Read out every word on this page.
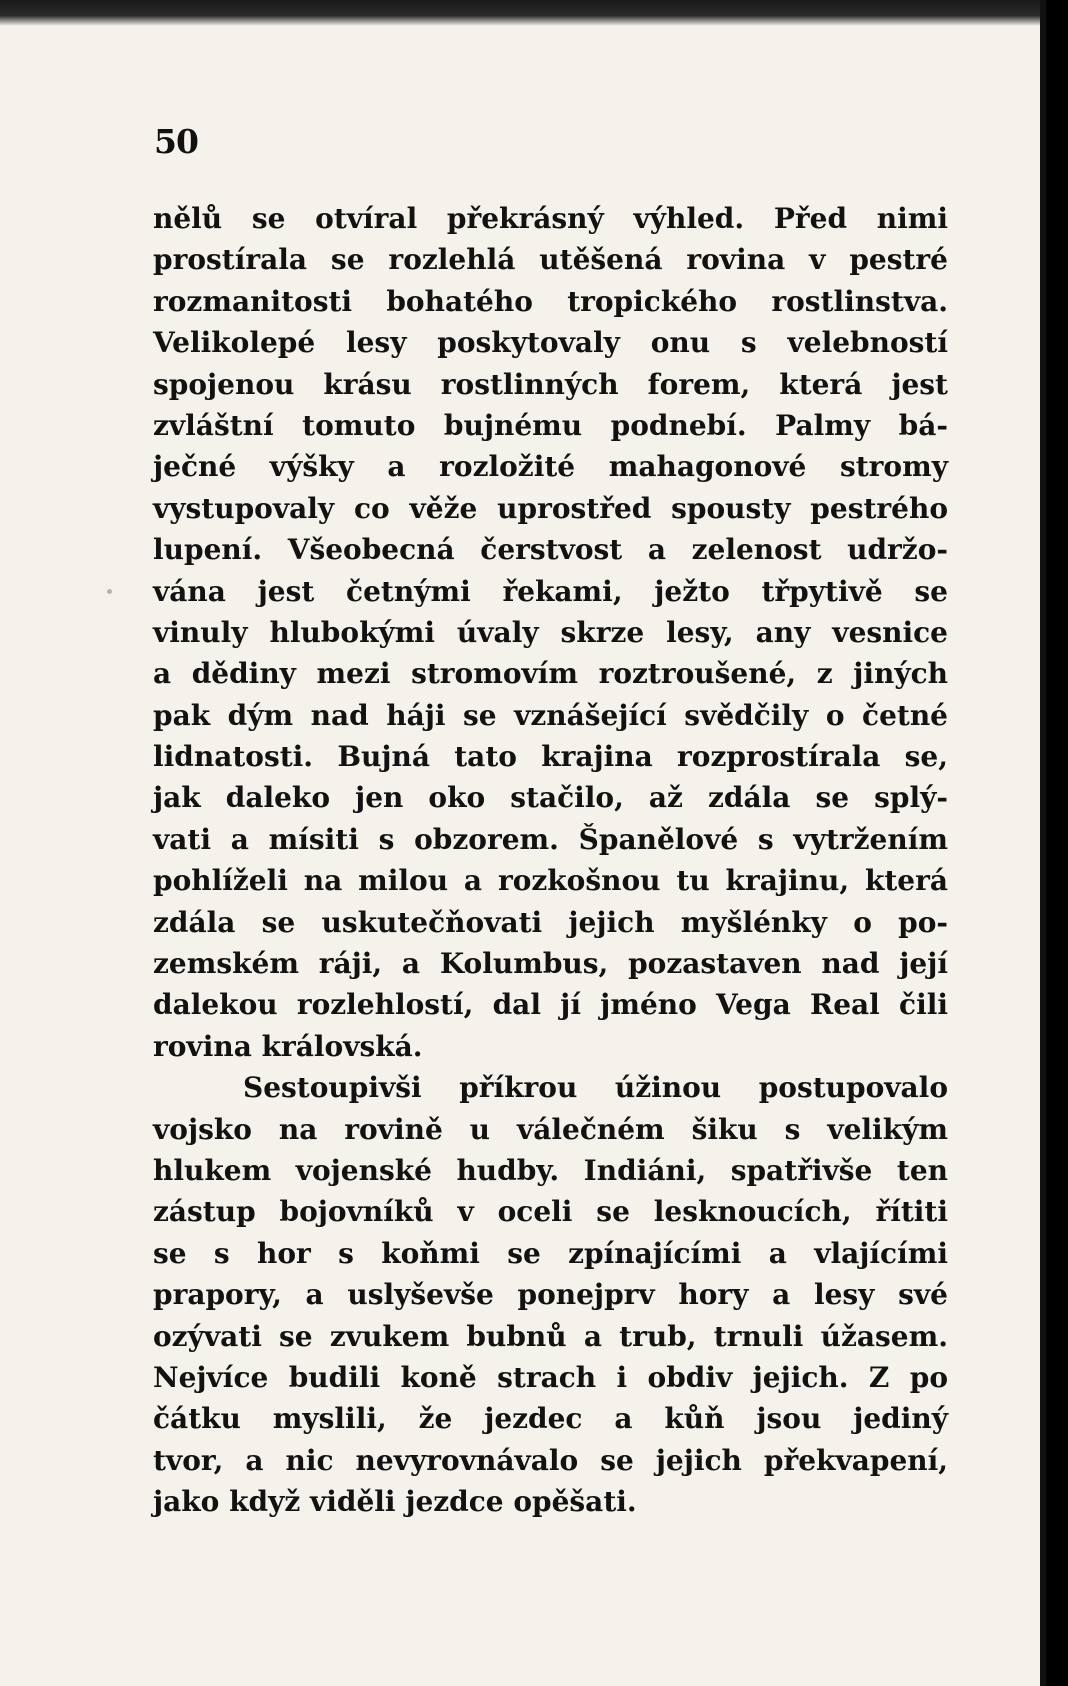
50
nělů se otvíral překrásný výhled. Před nimi
prostírala se rozlehlá utěšená rovina v pestré
rozmanitosti bohatého tropického rostlinstva.
Velikolepé lesy poskytovaly onu s velebností
spojenou krásu rostlinných forem, která jest
zvláštní tomuto bujnému podnebí. Palmy bá-
ječné výšky a rozložité mahagonové stromy
vystupovaly co věže uprostřed spousty pestrého
lupení. Všeobecná čerstvost a zelenost udržo-
vána jest četnými řekami, ježto třpytivě se
vinuly hlubokými úvaly skrze lesy, any vesnice
a dědiny mezi stromovím roztroušené, z jiných
pak dým nad háji se vznášející svědčily o četné
lidnatosti. Bujná tato krajina rozprostírala se,
jak daleko jen oko stačilo, až zdála se splý-
vati a mísiti s obzorem. Španělové s vytržením
pohlíželi na milou a rozkošnou tu krajinu, která
zdála se uskutečňovati jejich myšlénky o po-
zemském ráji, a Kolumbus, pozastaven nad její
dalekou rozlehlostí, dal jí jméno Vega Real čili
rovina královská.
Sestoupivši příkrou úžinou postupovalo
vojsko na rovině u válečném šiku s velikým
hlukem vojenské hudby. Indiáni, spatřivše ten
zástup bojovníků v oceli se lesknoucích, řítiti
se s hor s koňmi se zpínajícími a vlajícími
prapory, a uslyševše ponejprv hory a lesy své
ozývati se zvukem bubnů a trub, trnuli úžasem.
Nejvíce budili koně strach i obdiv jejich. Z po
čátku myslili, že jezdec a kůň jsou jediný
tvor, a nic nevyrovnávalo se jejich překvapení,
jako když viděli jezdce opěšati.
